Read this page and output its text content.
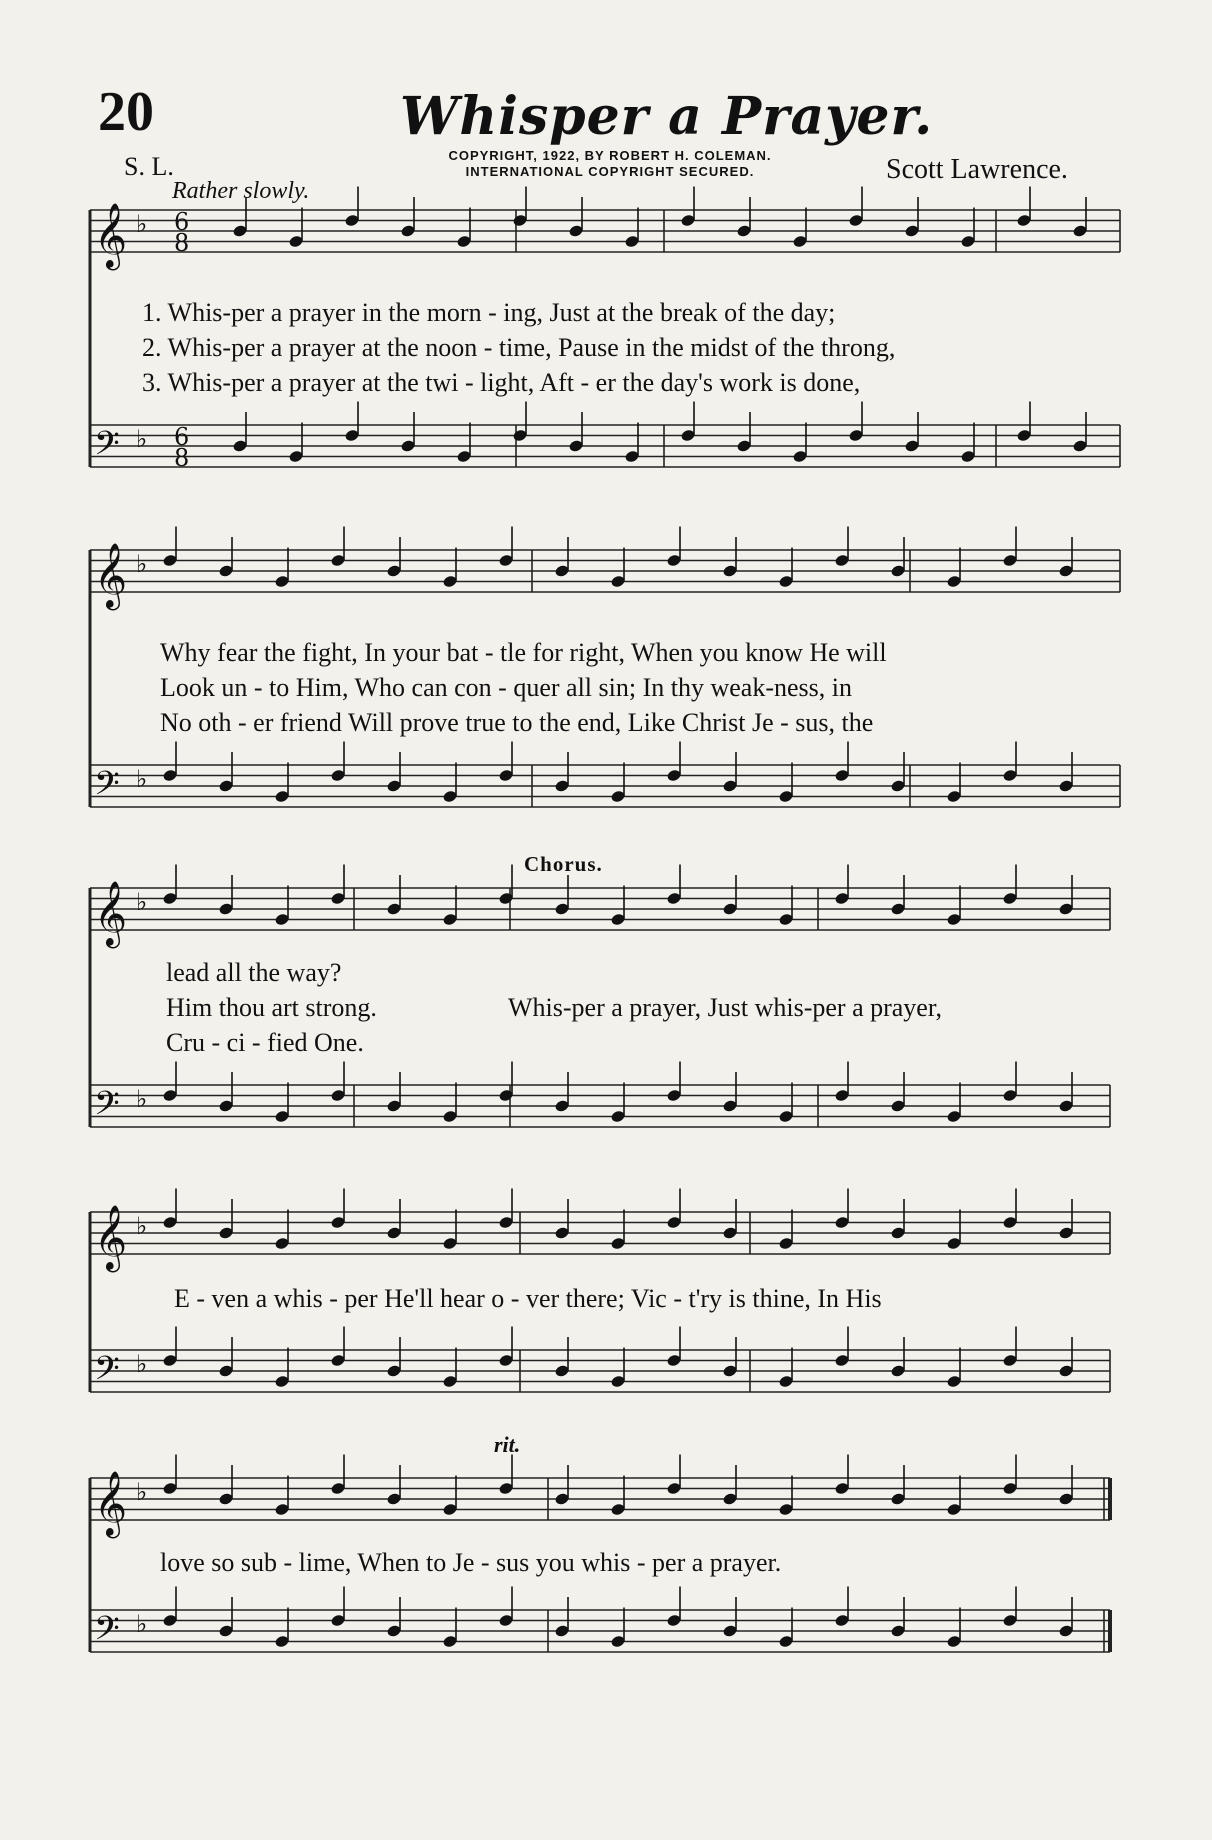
20	Whisper a Prayer.
S. L.	COPYRIGHT, 1922, BY ROBERT H. COLEMAN.
INTERNATIONAL COPYRIGHT SECURED.	Scott Lawrence.
Rather slowly.
Chorus.
rit.
1. Whis-per a prayer in the morn - ing, Just at the break of the day;
2. Whis-per a prayer at the noon - time, Pause in the midst of the throng,
3. Whis-per a prayer at the twi - light, Aft - er the day's work is done,
Why fear the fight, In your bat - tle for right, When you know He will
Look un - to Him, Who can con - quer all sin; In thy weak-ness, in
No oth - er friend Will prove true to the end, Like Christ Je - sus, the
lead all the way?
Him thou art strong.
Cru - ci - fied One.
Whis-per a prayer, Just whis-per a prayer,
E - ven a whis - per He'll hear o - ver there; Vic - t'ry is thine, In His
love so sub - lime, When to Je - sus you whis - per a prayer.
𝄞 ♭
𝄢 ♭
𝄞 ♭
𝄢 ♭
𝄞 ♭
𝄢 ♭
𝄞 ♭
𝄢 ♭
𝄞 ♭
𝄢 ♭
6
8
6
8
